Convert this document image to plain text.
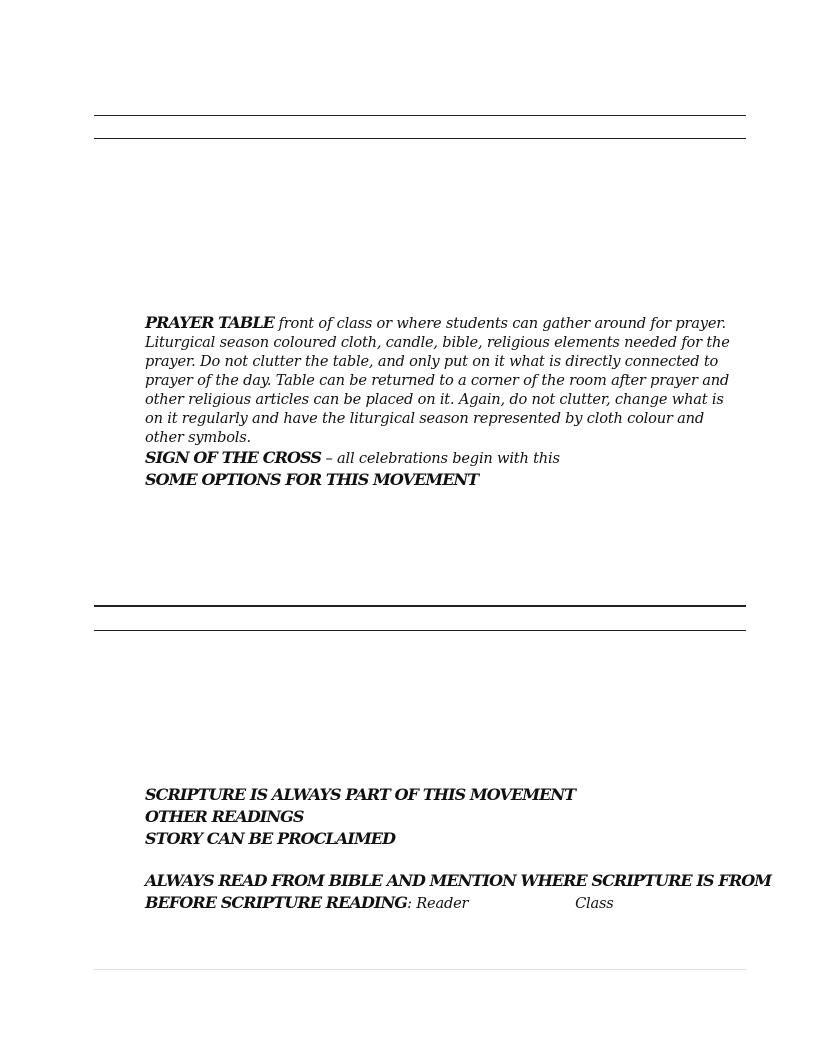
PRAYER TABLE front of class or where students can gather around for prayer. Liturgical season coloured cloth, candle, bible, religious elements needed for the prayer. Do not clutter the table, and only put on it what is directly connected to prayer of the day. Table can be returned to a corner of the room after prayer and other religious articles can be placed on it. Again, do not clutter, change what is on it regularly and have the liturgical season represented by cloth colour and other symbols.
SIGN OF THE CROSS – all celebrations begin with this
SOME OPTIONS FOR THIS MOVEMENT
SCRIPTURE IS ALWAYS PART OF THIS MOVEMENT
OTHER READINGS
STORY CAN BE PROCLAIMED
ALWAYS READ FROM BIBLE AND MENTION WHERE SCRIPTURE IS FROM
BEFORE SCRIPTURE READING: Reader	Class
